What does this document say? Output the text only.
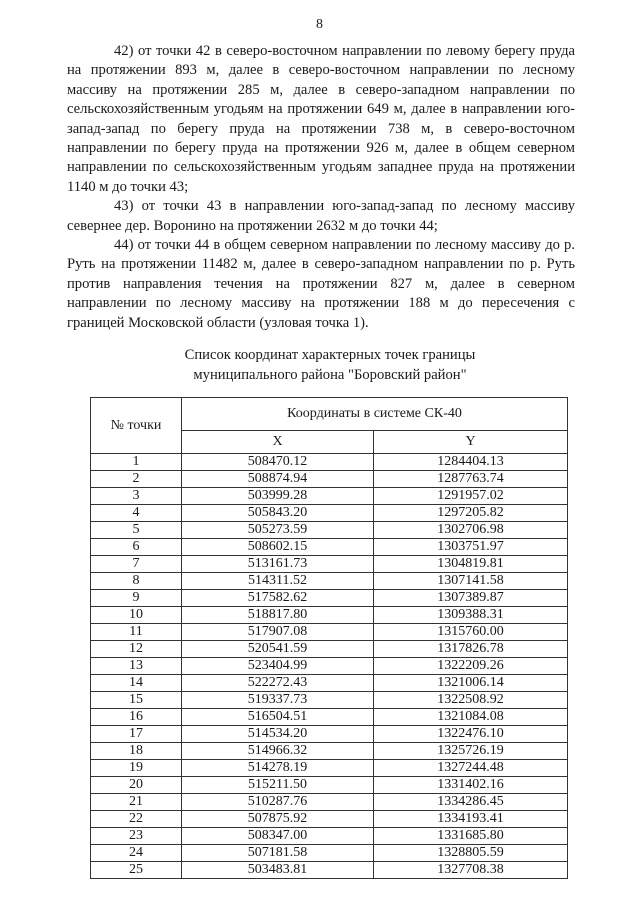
8

42) от точки 42 в северо-восточном направлении по левому берегу пруда на протяжении 893 м, далее в северо-восточном направлении по лесному массиву на протяжении 285 м, далее в северо-западном направлении по сельскохозяйственным угодьям на протяжении 649 м, далее в направлении юго-запад-запад по берегу пруда на протяжении 738 м, в северо-восточном направлении по берегу пруда на протяжении 926 м, далее в общем северном направлении по сельскохозяйственным угодьям западнее пруда на протяжении 1140 м до точки 43;

43) от точки 43 в направлении юго-запад-запад по лесному массиву севернее дер. Воронино на протяжении 2632 м до точки 44;

44) от точки 44 в общем северном направлении по лесному массиву до р. Руть на протяжении 11482 м, далее в северо-западном направлении по р. Руть против направления течения на протяжении 827 м, далее в северном направлении по лесному массиву на протяжении 188 м до пересечения с границей Московской области (узловая точка 1).

Список координат характерных точек границы
муниципального района "Боровский район"
№ точки	Координаты в системе СК-40	
	X	Y
1	508470.12	1284404.13
2	508874.94	1287763.74
3	503999.28	1291957.02
4	505843.20	1297205.82
5	505273.59	1302706.98
6	508602.15	1303751.97
7	513161.73	1304819.81
8	514311.52	1307141.58
9	517582.62	1307389.87
10	518817.80	1309388.31
11	517907.08	1315760.00
12	520541.59	1317826.78
13	523404.99	1322209.26
14	522272.43	1321006.14
15	519337.73	1322508.92
16	516504.51	1321084.08
17	514534.20	1322476.10
18	514966.32	1325726.19
19	514278.19	1327244.48
20	515211.50	1331402.16
21	510287.76	1334286.45
22	507875.92	1334193.41
23	508347.00	1331685.80
24	507181.58	1328805.59
25	503483.81	1327708.38
